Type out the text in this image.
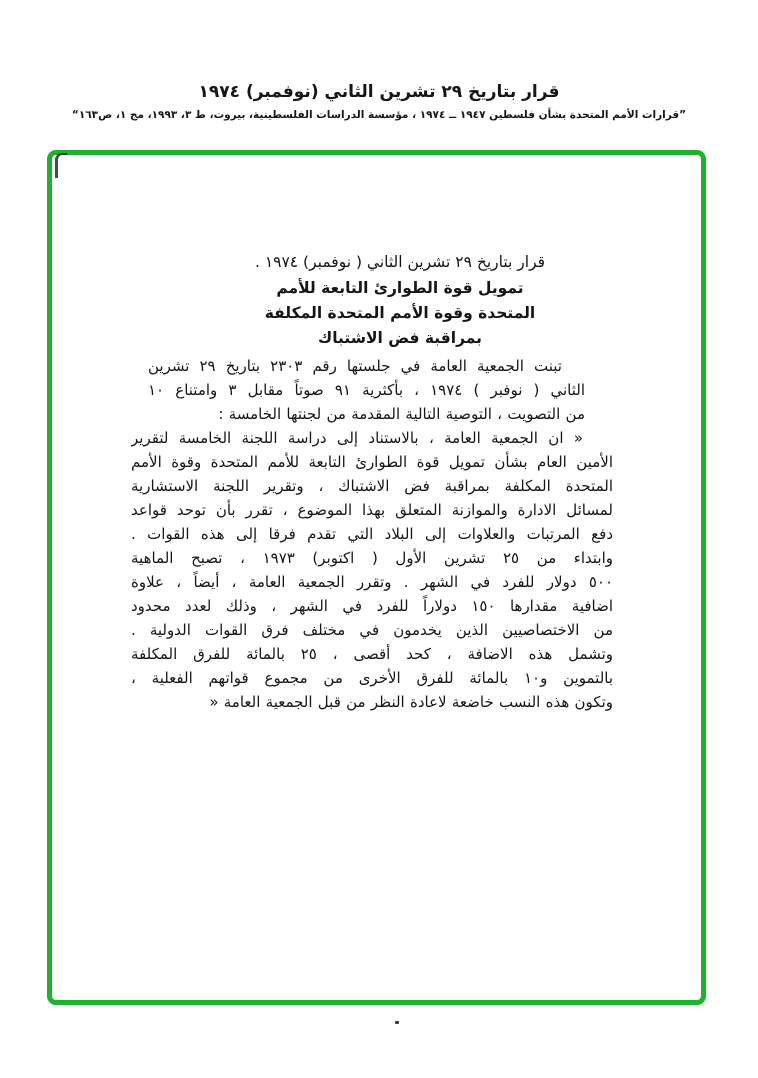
قرار بتاريخ ٢٩ تشرين الثاني (نوفمبر) ١٩٧٤
”قرارات الأمم المتحدة بشأن فلسطين ١٩٤٧ ــ ١٩٧٤ ، مؤسسة الدراسات الفلسطينية، بيروت، ط ٣، ١٩٩٣، مج ١، ص١٦٣“
قرار بتاريخ ٢٩ تشرين الثاني ( نوفمبر) ١٩٧٤ .
تمويل قوة الطوارئ التابعة للأمم
المتحدة وقوة الأمم المتحدة المكلفة
بمراقبة فض الاشتباك
تبنت الجمعية العامة في جلستها رقم ٢٣٠٣ بتاريخ ٢٩ تشرين
الثاني ( نوفبر ) ١٩٧٤ ، بأكثرية ٩١ صوتاً مقابل ٣ وامتناع ١٠
من التصويت ، التوصية التالية المقدمة من لجنتها الخامسة :
« ان الجمعية العامة ، بالاستناد إلى دراسة اللجنة الخامسة لتقرير
الأمين العام بشأن تمويل قوة الطوارئ التابعة للأمم المتحدة وقوة الأمم
المتحدة المكلفة بمراقبة فض الاشتباك ، وتقرير اللجنة الاستشارية
لمسائل الادارة والموازنة المتعلق بهذا الموضوع ، تقرر بأن توحد قواعد
دفع المرتبات والعلاوات إلى البلاد التي تقدم فرقا إلى هذه القوات .
وابتداء من ٢٥ تشرين الأول ( اكتوبر) ١٩٧٣ ، تصبح الماهية
٥٠٠ دولار للفرد في الشهر . وتقرر الجمعية العامة ، أيضاً ، علاوة
اضافية مقدارها ١٥٠ دولاراً للفرد في الشهر ، وذلك لعدد محدود
من الاختصاصيين الذين يخدمون في مختلف فرق القوات الدولية .
وتشمل هذه الاضافة ، كحد أقصى ، ٢٥ بالمائة للفرق المكلفة
بالتموين و١٠ بالمائة للفرق الأخرى من مجموع قواتهم الفعلية ،
وتكون هذه النسب خاضعة لاعادة النظر من قبل الجمعية العامة «
